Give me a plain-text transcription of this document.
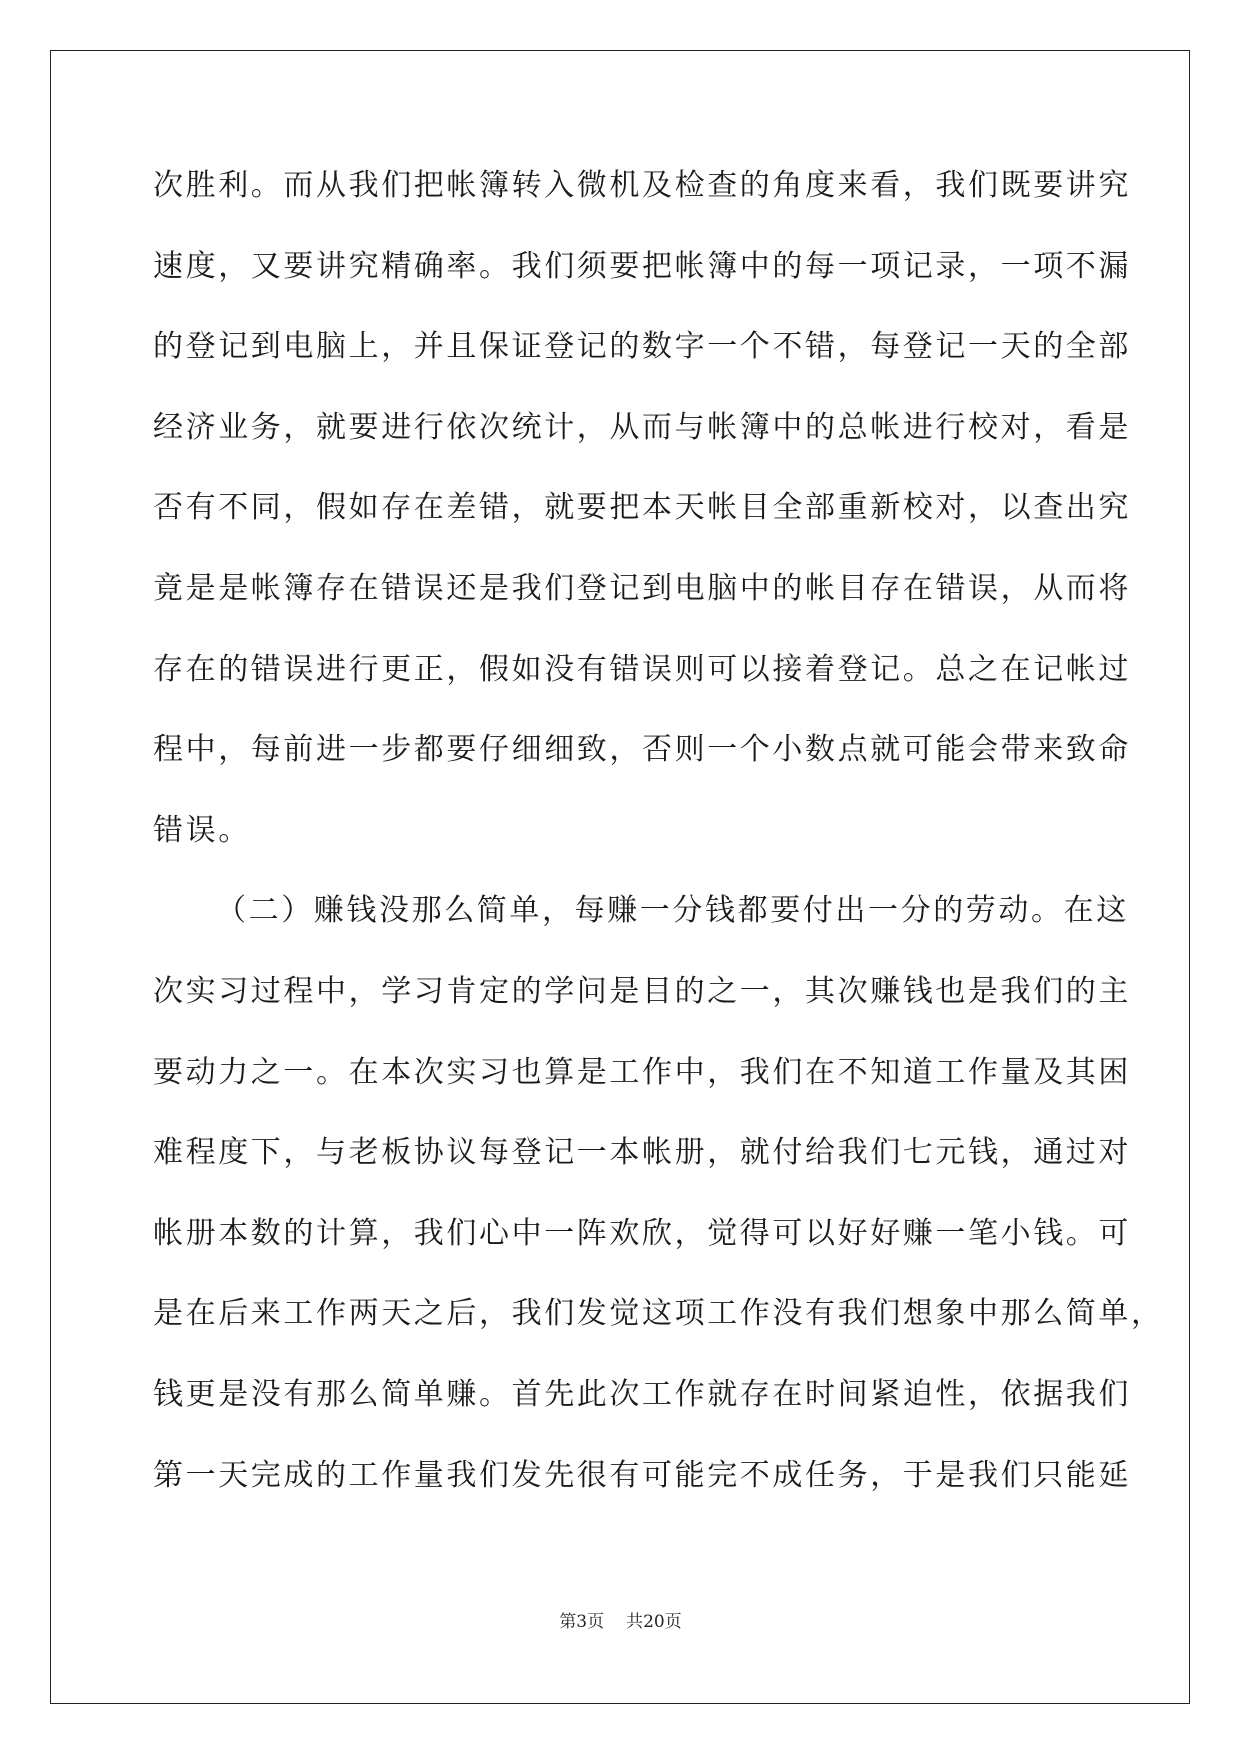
次胜利。而从我们把帐簿转入微机及检查的角度来看，我们既要讲究
速度，又要讲究精确率。我们须要把帐簿中的每一项记录，一项不漏
的登记到电脑上，并且保证登记的数字一个不错，每登记一天的全部
经济业务，就要进行依次统计，从而与帐簿中的总帐进行校对，看是
否有不同，假如存在差错，就要把本天帐目全部重新校对，以查出究
竟是是帐簿存在错误还是我们登记到电脑中的帐目存在错误，从而将
存在的错误进行更正，假如没有错误则可以接着登记。总之在记帐过
程中，每前进一步都要仔细细致，否则一个小数点就可能会带来致命
错误。
（二）赚钱没那么简单，每赚一分钱都要付出一分的劳动。在这
次实习过程中，学习肯定的学问是目的之一，其次赚钱也是我们的主
要动力之一。在本次实习也算是工作中，我们在不知道工作量及其困
难程度下，与老板协议每登记一本帐册，就付给我们七元钱，通过对
帐册本数的计算，我们心中一阵欢欣，觉得可以好好赚一笔小钱。可
是在后来工作两天之后，我们发觉这项工作没有我们想象中那么简单，
钱更是没有那么简单赚。首先此次工作就存在时间紧迫性，依据我们
第一天完成的工作量我们发先很有可能完不成任务，于是我们只能延
第3页 共20页
